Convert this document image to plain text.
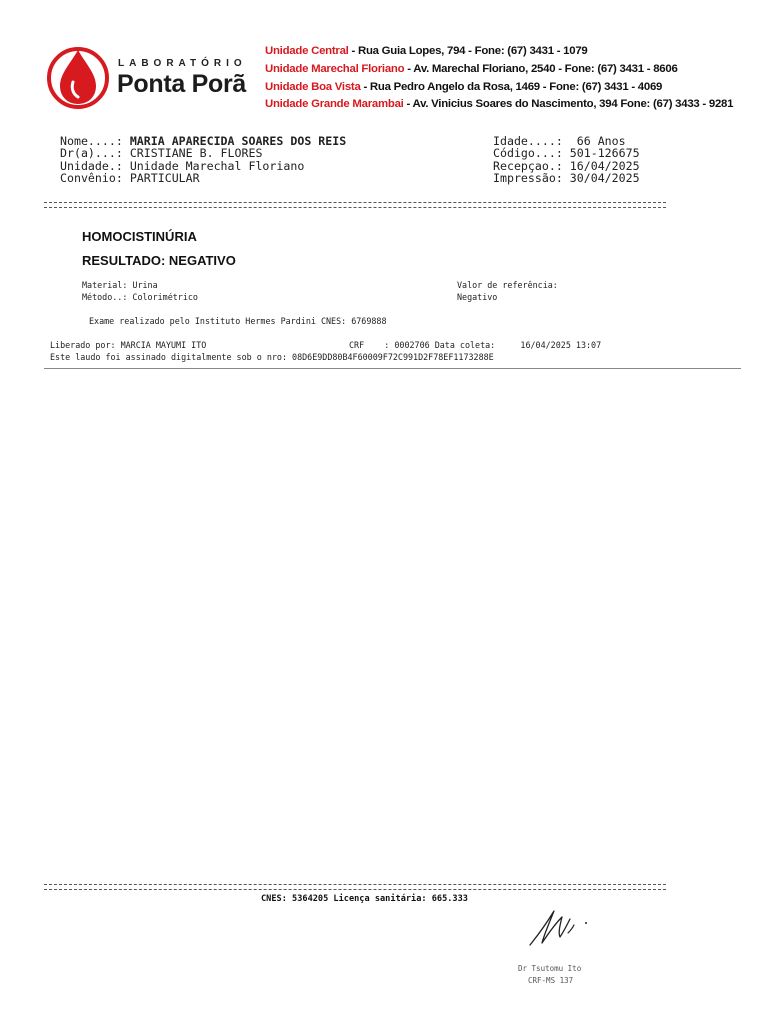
LABORATÓRIO
Ponta Porã
Unidade Central - Rua Guia Lopes, 794 - Fone: (67) 3431 - 1079
Unidade Marechal Floriano - Av. Marechal Floriano, 2540 - Fone: (67) 3431 - 8606
Unidade Boa Vista - Rua Pedro Angelo da Rosa, 1469 - Fone: (67) 3431 - 4069
Unidade Grande Marambai - Av. Vinicius Soares do Nascimento, 394 Fone: (67) 3433 - 9281
Nome....: MARIA APARECIDA SOARES DOS REIS
Dr(a)...: CRISTIANE B. FLORES
Unidade.: Unidade Marechal Floriano
Convênio: PARTICULAR
Idade....:  66 Anos
Código...: 501-126675
Recepçao.: 16/04/2025
Impressão: 30/04/2025
HOMOCISTINÚRIA
RESULTADO: NEGATIVO
Material: Urina
Método..: Colorimétrico
Valor de referência:
Negativo
Exame realizado pelo Instituto Hermes Pardini CNES: 6769888
Liberado por: MARCIA MAYUMI ITO	CRF    : 0002706 Data coleta:     16/04/2025 13:07
Este laudo foi assinado digitalmente sob o nro: 08D6E9DD80B4F60009F72C991D2F78EF1173288E
CNES: 5364205 Licença sanitária: 665.333
Dr Tsutomu Ito
CRF-MS 137
